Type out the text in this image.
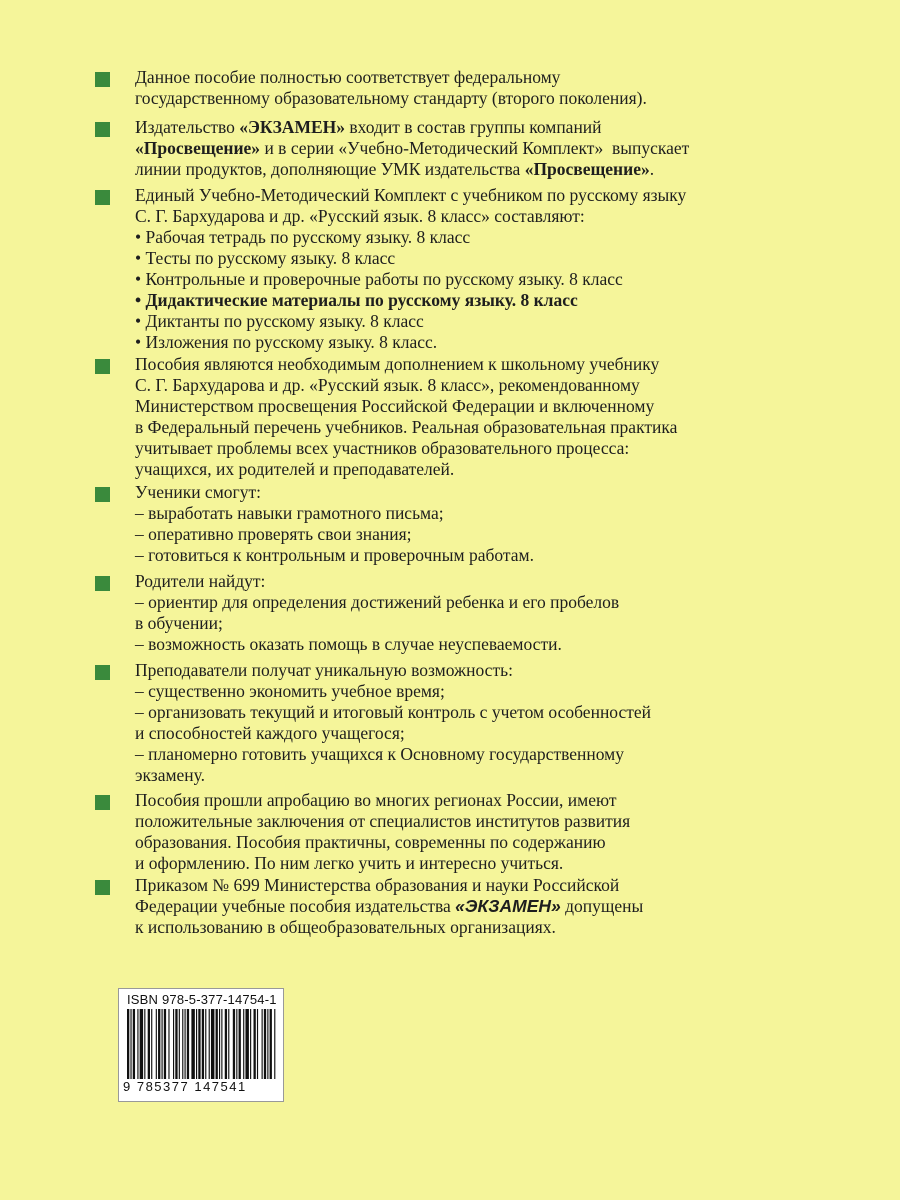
Данное пособие полностью соответствует федеральному
государственному образовательному стандарту (второго поколения).
Издательство «ЭКЗАМЕН» входит в состав группы компаний
«Просвещение» и в серии «Учебно-Методический Комплект»  выпускает
линии продуктов, дополняющие УМК издательства «Просвещение».
Единый Учебно-Методический Комплект с учебником по русскому языку
С. Г. Бархударова и др. «Русский язык. 8 класс» составляют:
• Рабочая тетрадь по русскому языку. 8 класс
• Тесты по русскому языку. 8 класс
• Контрольные и проверочные работы по русскому языку. 8 класс
• Дидактические материалы по русскому языку. 8 класс
• Диктанты по русскому языку. 8 класс
• Изложения по русскому языку. 8 класс.
Пособия являются необходимым дополнением к школьному учебнику
С. Г. Бархударова и др. «Русский язык. 8 класс», рекомендованному
Министерством просвещения Российской Федерации и включенному
в Федеральный перечень учебников. Реальная образовательная практика
учитывает проблемы всех участников образовательного процесса:
учащихся, их родителей и преподавателей.
Ученики смогут:
– выработать навыки грамотного письма;
– оперативно проверять свои знания;
– готовиться к контрольным и проверочным работам.
Родители найдут:
– ориентир для определения достижений ребенка и его пробелов
в обучении;
– возможность оказать помощь в случае неуспеваемости.
Преподаватели получат уникальную возможность:
– существенно экономить учебное время;
– организовать текущий и итоговый контроль с учетом особенностей
и способностей каждого учащегося;
– планомерно готовить учащихся к Основному государственному
экзамену.
Пособия прошли апробацию во многих регионах России, имеют
положительные заключения от специалистов институтов развития
образования. Пособия практичны, современны по содержанию
и оформлению. По ним легко учить и интересно учиться.
Приказом № 699 Министерства образования и науки Российской
Федерации учебные пособия издательства «ЭКЗАМЕН» допущены
к использованию в общеобразовательных организациях.
ISBN 978-5-377-14754-1
9 785377 147541
